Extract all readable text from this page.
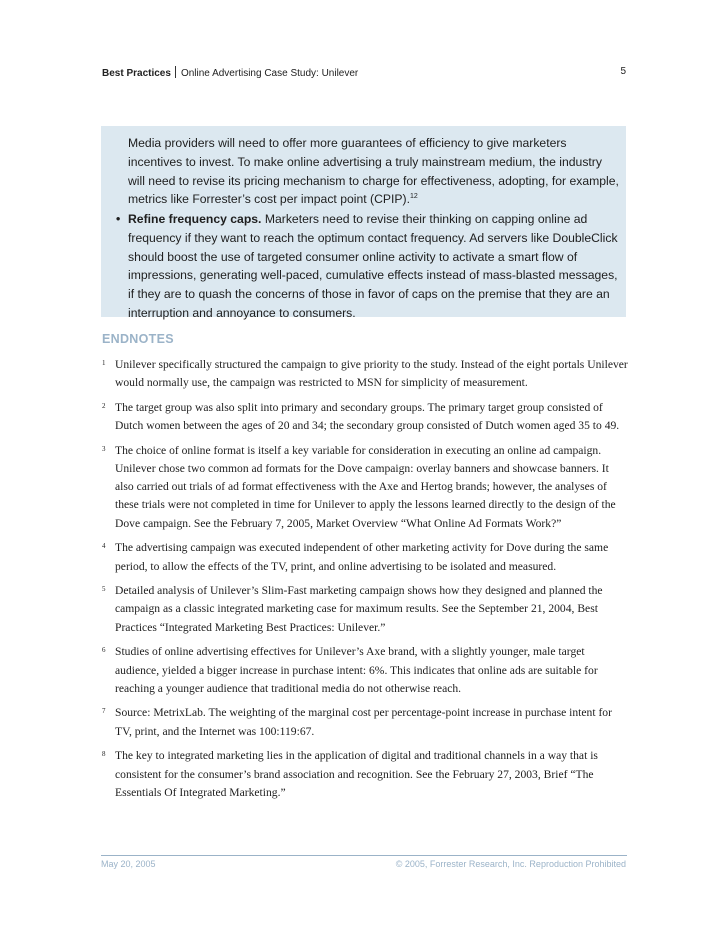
Best Practices Online Advertising Case Study: Unilever	5
Media providers will need to offer more guarantees of efficiency to give marketers incentives to invest. To make online advertising a truly mainstream medium, the industry will need to revise its pricing mechanism to charge for effectiveness, adopting, for example, metrics like Forrester’s cost per impact point (CPIP).$^{12}$
• Refine frequency caps. Marketers need to revise their thinking on capping online ad frequency if they want to reach the optimum contact frequency. Ad servers like DoubleClick should boost the use of targeted consumer online activity to activate a smart flow of impressions, generating well-paced, cumulative effects instead of mass-blasted messages, if they are to quash the concerns of those in favor of caps on the premise that they are an interruption and annoyance to consumers.
ENDNOTES
1 Unilever specifically structured the campaign to give priority to the study. Instead of the eight portals Unilever would normally use, the campaign was restricted to MSN for simplicity of measurement.
2 The target group was also split into primary and secondary groups. The primary target group consisted of Dutch women between the ages of 20 and 34; the secondary group consisted of Dutch women aged 35 to 49.
3 The choice of online format is itself a key variable for consideration in executing an online ad campaign. Unilever chose two common ad formats for the Dove campaign: overlay banners and showcase banners. It also carried out trials of ad format effectiveness with the Axe and Hertog brands; however, the analyses of these trials were not completed in time for Unilever to apply the lessons learned directly to the design of the Dove campaign. See the February 7, 2005, Market Overview “What Online Ad Formats Work?”
4 The advertising campaign was executed independent of other marketing activity for Dove during the same period, to allow the effects of the TV, print, and online advertising to be isolated and measured.
5 Detailed analysis of Unilever’s Slim-Fast marketing campaign shows how they designed and planned the campaign as a classic integrated marketing case for maximum results. See the September 21, 2004, Best Practices “Integrated Marketing Best Practices: Unilever.”
6 Studies of online advertising effectives for Unilever’s Axe brand, with a slightly younger, male target audience, yielded a bigger increase in purchase intent: 6%. This indicates that online ads are suitable for reaching a younger audience that traditional media do not otherwise reach.
7 Source: MetrixLab. The weighting of the marginal cost per percentage-point increase in purchase intent for TV, print, and the Internet was 100:119:67.
8 The key to integrated marketing lies in the application of digital and traditional channels in a way that is consistent for the consumer’s brand association and recognition. See the February 27, 2003, Brief “The Essentials Of Integrated Marketing.”
May 20, 2005	© 2005, Forrester Research, Inc. Reproduction Prohibited
